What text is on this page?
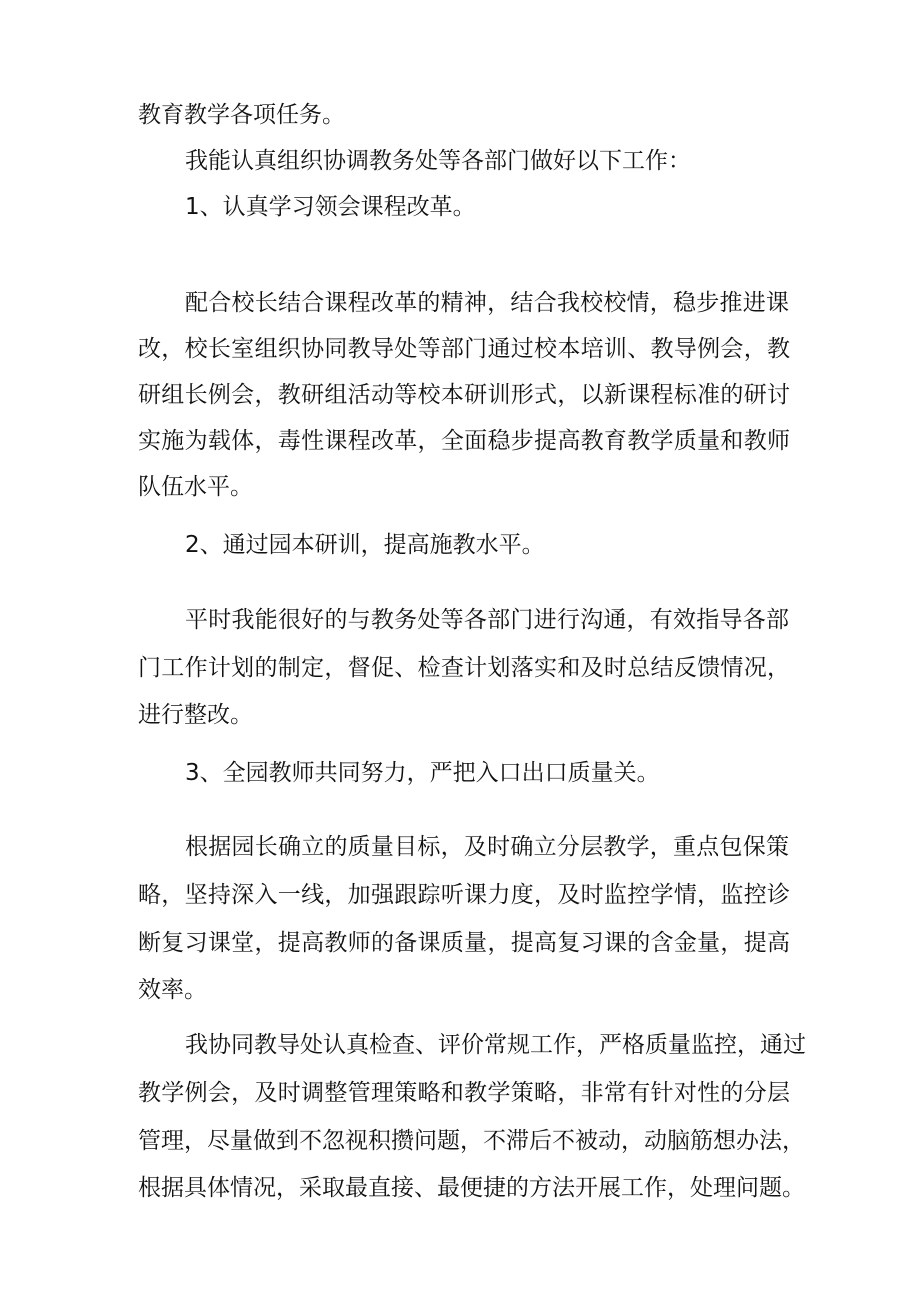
教育教学各项任务。
我能认真组织协调教务处等各部门做好以下工作：
1、认真学习领会课程改革。
配合校长结合课程改革的精神，结合我校校情，稳步推进课
改，校长室组织协同教导处等部门通过校本培训、教导例会，教
研组长例会，教研组活动等校本研训形式，以新课程标准的研讨
实施为载体，毒性课程改革，全面稳步提高教育教学质量和教师
队伍水平。
2、通过园本研训，提高施教水平。
平时我能很好的与教务处等各部门进行沟通，有效指导各部
门工作计划的制定，督促、检查计划落实和及时总结反馈情况，
进行整改。
3、全园教师共同努力，严把入口出口质量关。
根据园长确立的质量目标，及时确立分层教学，重点包保策
略，坚持深入一线，加强跟踪听课力度，及时监控学情，监控诊
断复习课堂，提高教师的备课质量，提高复习课的含金量，提高
效率。
我协同教导处认真检查、评价常规工作，严格质量监控，通过
教学例会，及时调整管理策略和教学策略，非常有针对性的分层
管理，尽量做到不忽视积攒问题，不滞后不被动，动脑筋想办法，
根据具体情况，采取最直接、最便捷的方法开展工作，处理问题。
